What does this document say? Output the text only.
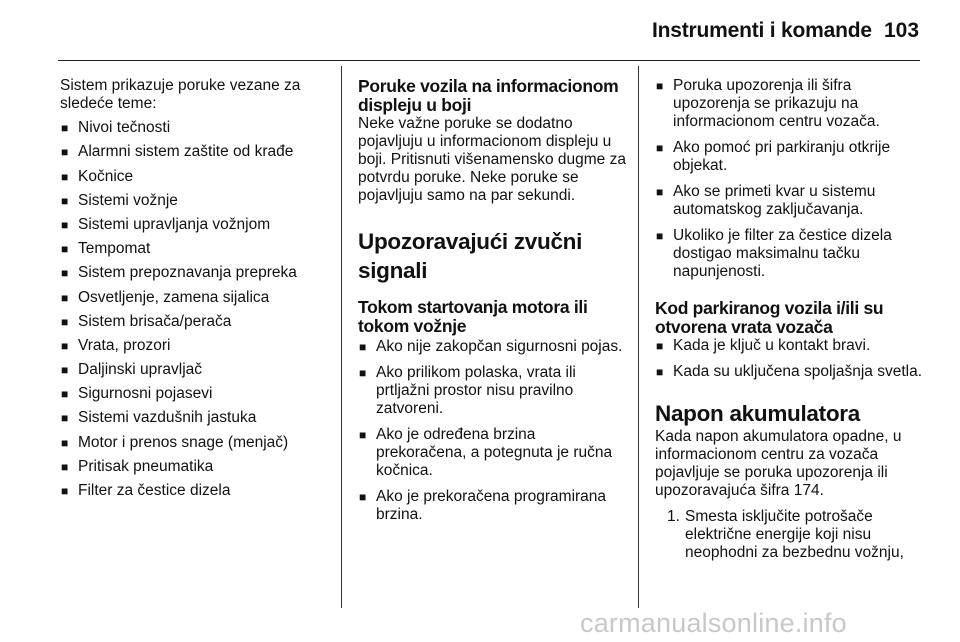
Instrumenti i komande 103

Sistem prikazuje poruke vezane za sledeće teme:

■ Nivoi tečnosti
■ Alarmni sistem zaštite od krađe
■ Kočnice
■ Sistemi vožnje
■ Sistemi upravljanja vožnjom
■ Tempomat
■ Sistem prepoznavanja prepreka
■ Osvetljenje, zamena sijalica
■ Sistem brisača/perača
■ Vrata, prozori
■ Daljinski upravljač
■ Sigurnosni pojasevi
■ Sistemi vazdušnih jastuka
■ Motor i prenos snage (menjač)
■ Pritisak pneumatika
■ Filter za čestice dizela

Poruke vozila na informacionom displeju u boji

Neke važne poruke se dodatno pojavljuju u informacionom displeju u boji. Pritisnuti višenamensko dugme za potvrdu poruke. Neke poruke se pojavljuju samo na par sekundi.

Upozoravajući zvučni signali

Tokom startovanja motora ili tokom vožnje

■ Ako nije zakopčan sigurnosni pojas.
■ Ako prilikom polaska, vrata ili prtljažni prostor nisu pravilno zatvoreni.
■ Ako je određena brzina prekoračena, a potegnuta je ručna kočnica.
■ Ako je prekoračena programirana brzina.
■ Poruka upozorenja ili šifra upozorenja se prikazuju na informacionom centru vozača.
■ Ako pomoć pri parkiranju otkrije objekat.
■ Ako se primeti kvar u sistemu automatskog zaključavanja.
■ Ukoliko je filter za čestice dizela dostigao maksimalnu tačku napunjenosti.

Kod parkiranog vozila i/ili su otvorena vrata vozača

■ Kada je ključ u kontakt bravi.
■ Kada su uključena spoljašnja svetla.

Napon akumulatora

Kada napon akumulatora opadne, u informacionom centru za vozača pojavljuje se poruka upozorenja ili upozoravajuća šifra 174.

1. Smesta isključite potrošače električne energije koji nisu neophodni za bezbednu vožnju,
carmanualsonline.info
